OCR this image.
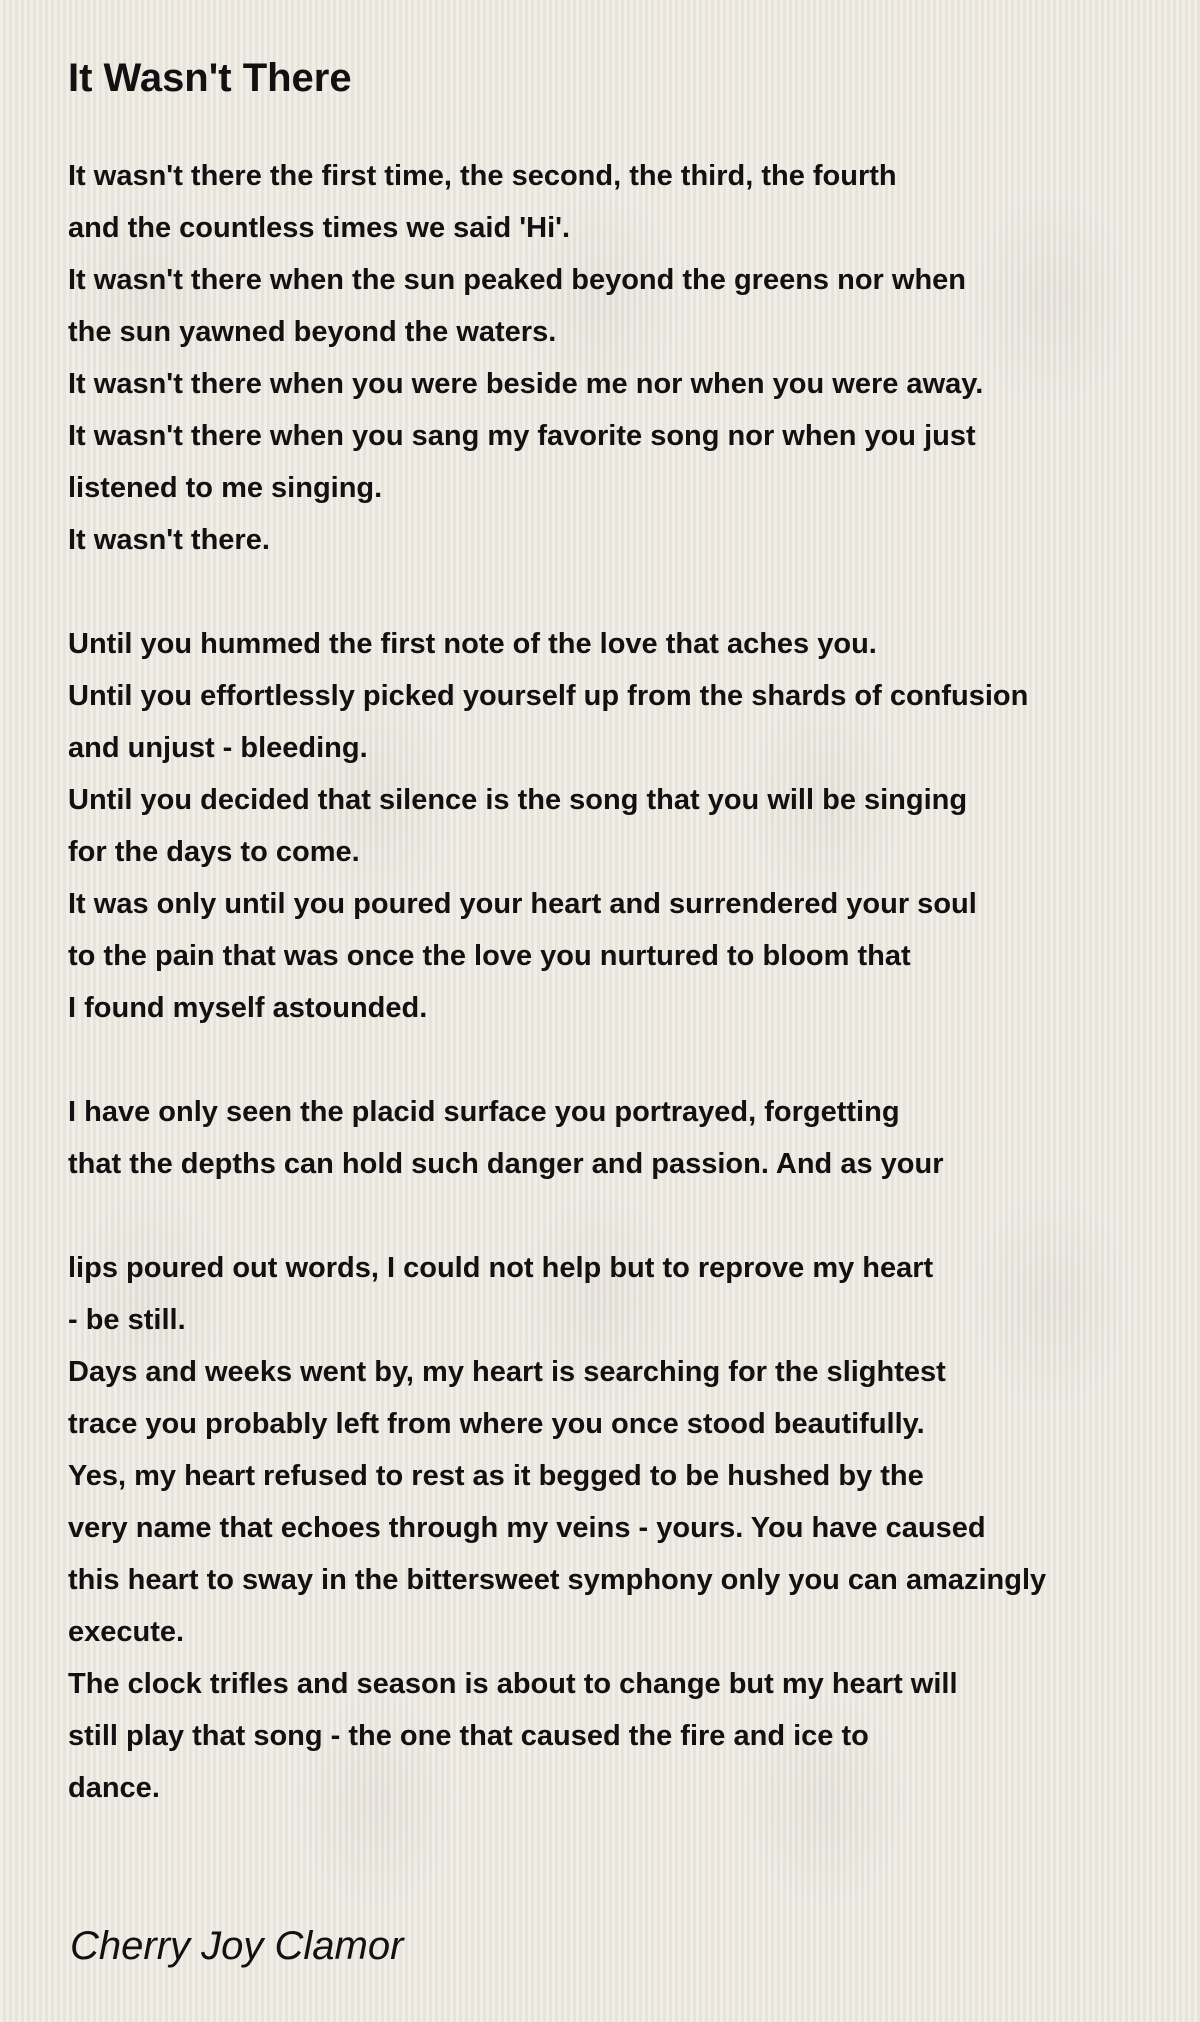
It Wasn't There
It wasn't there the first time, the second, the third, the fourth
and the countless times we said 'Hi'.
It wasn't there when the sun peaked beyond the greens nor when
the sun yawned beyond the waters.
It wasn't there when you were beside me nor when you were away.
It wasn't there when you sang my favorite song nor when you just
listened to me singing.
It wasn't there.
Until you hummed the first note of the love that aches you.
Until you effortlessly picked yourself up from the shards of confusion
and unjust - bleeding.
Until you decided that silence is the song that you will be singing
for the days to come.
It was only until you poured your heart and surrendered your soul
to the pain that was once the love you nurtured to bloom that
I found myself astounded.
I have only seen the placid surface you portrayed, forgetting
that the depths can hold such danger and passion. And as your
lips poured out words, I could not help but to reprove my heart
- be still.
Days and weeks went by, my heart is searching for the slightest
trace you probably left from where you once stood beautifully.
Yes, my heart refused to rest as it begged to be hushed by the
very name that echoes through my veins - yours. You have caused
this heart to sway in the bittersweet symphony only you can amazingly
execute.
The clock trifles and season is about to change but my heart will
still play that song - the one that caused the fire and ice to
dance.

Cherry Joy Clamor
